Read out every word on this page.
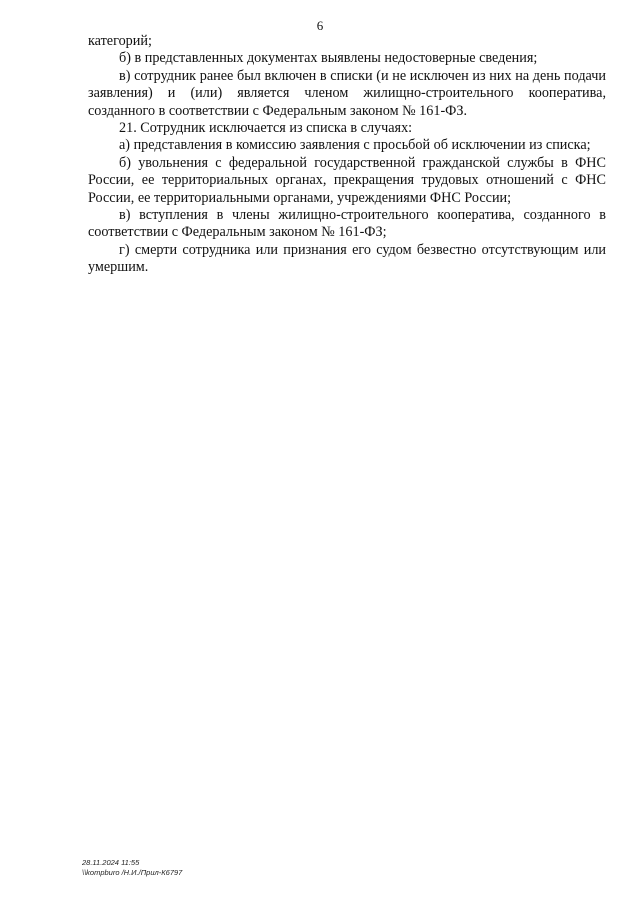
6

категорий;

б) в представленных документах выявлены недостоверные сведения;

в) сотрудник ранее был включен в списки (и не исключен из них на день подачи заявления) и (или) является членом жилищно-строительного кооператива, созданного в соответствии с Федеральным законом № 161-ФЗ.

21. Сотрудник исключается из списка в случаях:

а) представления в комиссию заявления с просьбой об исключении из списка;

б) увольнения с федеральной государственной гражданской службы в ФНС России, ее территориальных органах, прекращения трудовых отношений с ФНС России, ее территориальными органами, учреждениями ФНС России;

в) вступления в члены жилищно-строительного кооператива, созданного в соответствии с Федеральным законом № 161-ФЗ;

г) смерти сотрудника или признания его судом безвестно отсутствующим или умершим.

28.11.2024 11:55
\\kompburo /Н.И./Прил-К6797
